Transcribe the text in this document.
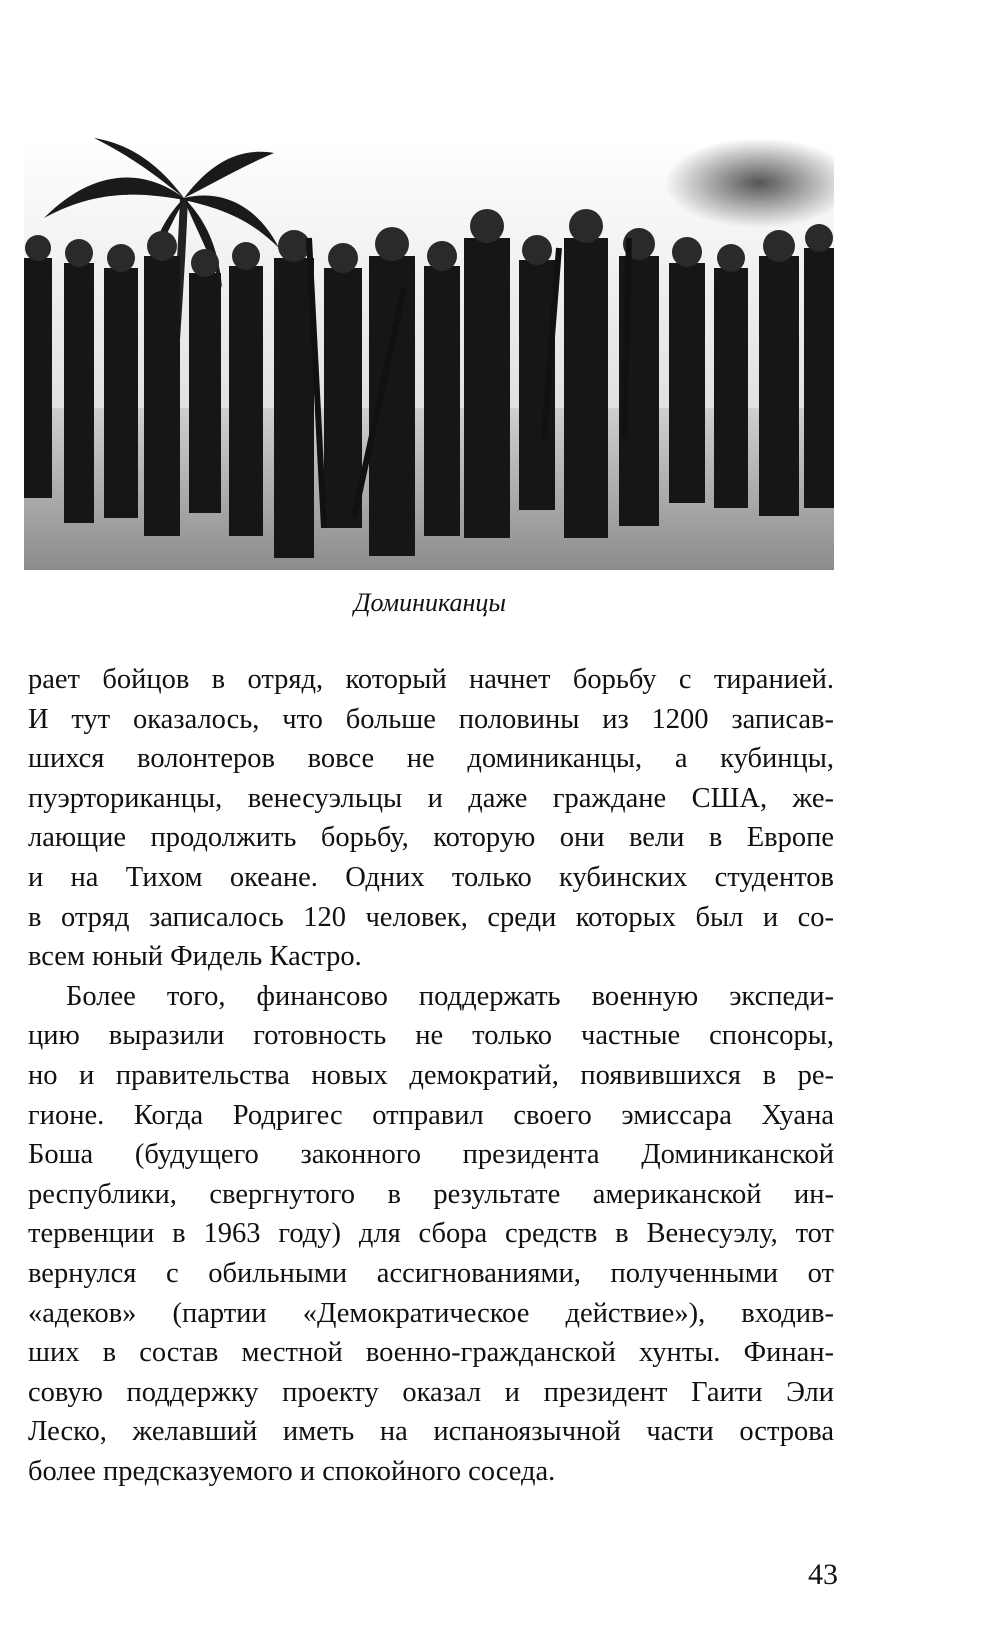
Доминиканцы
рает бойцов в отряд, который начнет борьбу с тиранией.
И тут оказалось, что больше половины из 1200 записав-
шихся волонтеров вовсе не доминиканцы, а кубинцы,
пуэрториканцы, венесуэльцы и даже граждане США, же-
лающие продолжить борьбу, которую они вели в Европе
и на Тихом океане. Одних только кубинских студентов
в отряд записалось 120 человек, среди которых был и со-
всем юный Фидель Кастро.
Более того, финансово поддержать военную экспеди-
цию выразили готовность не только частные спонсоры,
но и правительства новых демократий, появившихся в ре-
гионе. Когда Родригес отправил своего эмиссара Хуана
Боша (будущего законного президента Доминиканской
республики, свергнутого в результате американской ин-
тервенции в 1963 году) для сбора средств в Венесуэлу, тот
вернулся с обильными ассигнованиями, полученными от
«адеков» (партии «Демократическое действие»), входив-
ших в состав местной военно-гражданской хунты. Финан-
совую поддержку проекту оказал и президент Гаити Эли
Леско, желавший иметь на испаноязычной части острова
более предсказуемого и спокойного соседа.
43
